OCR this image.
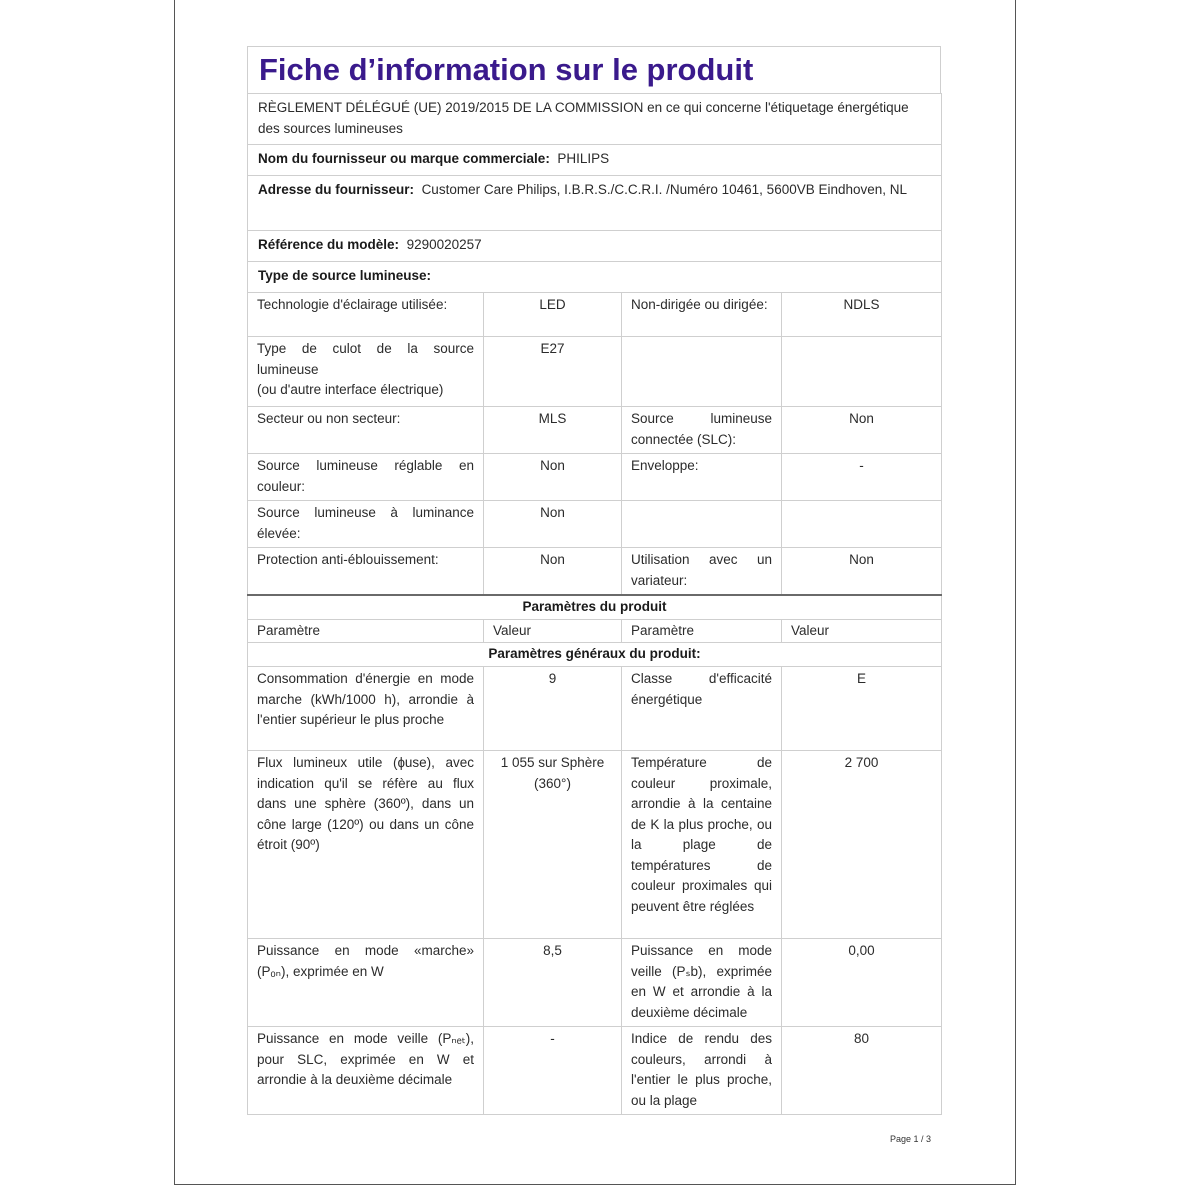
Fiche d’information sur le produit
RÈGLEMENT DÉLÉGUÉ (UE) 2019/2015 DE LA COMMISSION en ce qui concerne l'étiquetage énergétique des sources lumineuses			
Nom du fournisseur ou marque commerciale: PHILIPS			
Adresse du fournisseur: Customer Care Philips, I.B.R.S./C.C.R.I. /Numéro 10461, 5600VB Eindhoven, NL			
Référence du modèle: 9290020257			
Type de source lumineuse:			
Technologie d'éclairage utilisée:	LED	Non-dirigée ou dirigée:	NDLS

Type de culot de la source lumineuse
(ou d'autre interface électrique)	E27		
Secteur ou non secteur:	MLS	Source lumineuse connectée (SLC):	Non
Source lumineuse réglable en couleur:	Non	Enveloppe:	-
Source lumineuse à luminance élevée:	Non		
Protection anti-éblouissement:	Non	Utilisation avec un variateur:	Non
Paramètres du produit			
Paramètre	Valeur	Paramètre	Valeur
Paramètres généraux du produit:			
Consommation d'énergie en mode marche (kWh/1000 h), arrondie à l'entier supérieur le plus proche	9	Classe d'efficacité énergétique	E
Flux lumineux utile (ɸuse), avec indication qu'il se réfère au flux dans une sphère (360º), dans un cône large (120º) ou dans un cône étroit (90º)	1 055 sur Sphère (360°)	Température de couleur proximale, arrondie à la centaine de K la plus proche, ou la plage de températures de couleur proximales qui peuvent être réglées	2 700
Puissance en mode «marche» (Pₒₙ), exprimée en W	8,5	Puissance en mode veille (Pₛb), exprimée en W et arrondie à la deuxième décimale	0,00
Puissance en mode veille (Pₙₑₜ), pour SLC, exprimée en W et arrondie à la deuxième décimale	-	Indice de rendu des couleurs, arrondi à l'entier le plus proche, ou la plage	80
Page 1 / 3
